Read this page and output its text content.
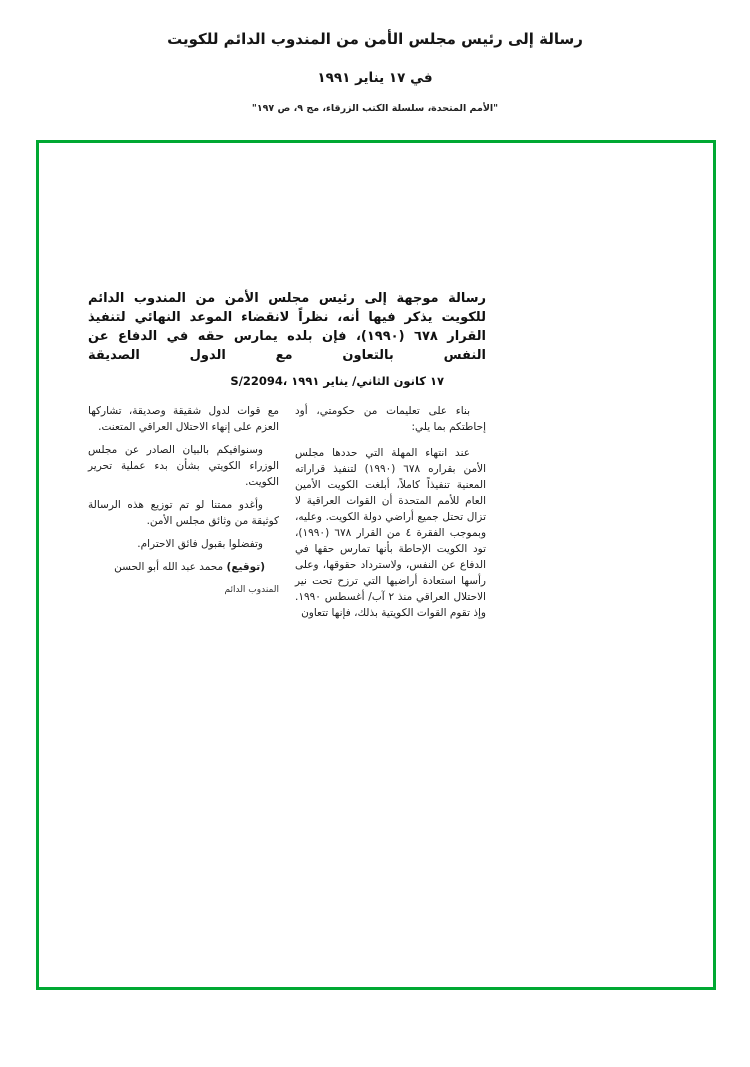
رسالة إلى رئيس مجلس الأمن من المندوب الدائم للكويت
في ١٧ يناير ١٩٩١
"الأمم المتحدة، سلسلة الكتب الزرقاء، مج ٩، ص ١٩٧"
رسالة موجهة إلى رئيس مجلس الأمن من المندوب الدائم للكويت يذكر فيها أنه، نظراً لانقضاء الموعد النهائي لتنفيذ القرار ٦٧٨ (١٩٩٠)، فإن بلده يمارس حقه في الدفاع عن النفس بالتعاون مع الدول الصديقة
S/22094، ١٧ كانون الثاني/ يناير ١٩٩١

بناء على تعليمات من حكومتي، أود إحاطتكم بما يلي:

عند انتهاء المهلة التي حددها مجلس الأمن بقراره ٦٧٨ (١٩٩٠) لتنفيذ قراراته المعنية تنفيذاً كاملاً، أبلغت الكويت الأمين العام للأمم المتحدة أن القوات العراقية لا تزال تحتل جميع أراضي دولة الكويت. وعليه، وبموجب الفقرة ٤ من القرار ٦٧٨ (١٩٩٠)، تود الكويت الإحاطة بأنها تمارس حقها في الدفاع عن النفس، ولاسترداد حقوقها، وعلى رأسها استعادة أراضيها التي ترزح تحت نير الاحتلال العراقي منذ ٢ آب/ أغسطس ١٩٩٠. وإذ تقوم القوات الكويتية بذلك، فإنها تتعاون

مع قوات لدول شقيقة وصديقة، تشاركها العزم على إنهاء الاحتلال العراقي المتعنت.

وسنوافيكم بالبيان الصادر عن مجلس الوزراء الكويتي بشأن بدء عملية تحرير الكويت.

وأغدو ممتنا لو تم توزيع هذه الرسالة كوثيقة من وثائق مجلس الأمن.

وتفضلوا بقبول فائق الاحترام.

(توقيع) محمد عبد الله أبو الحسن

المندوب الدائم
